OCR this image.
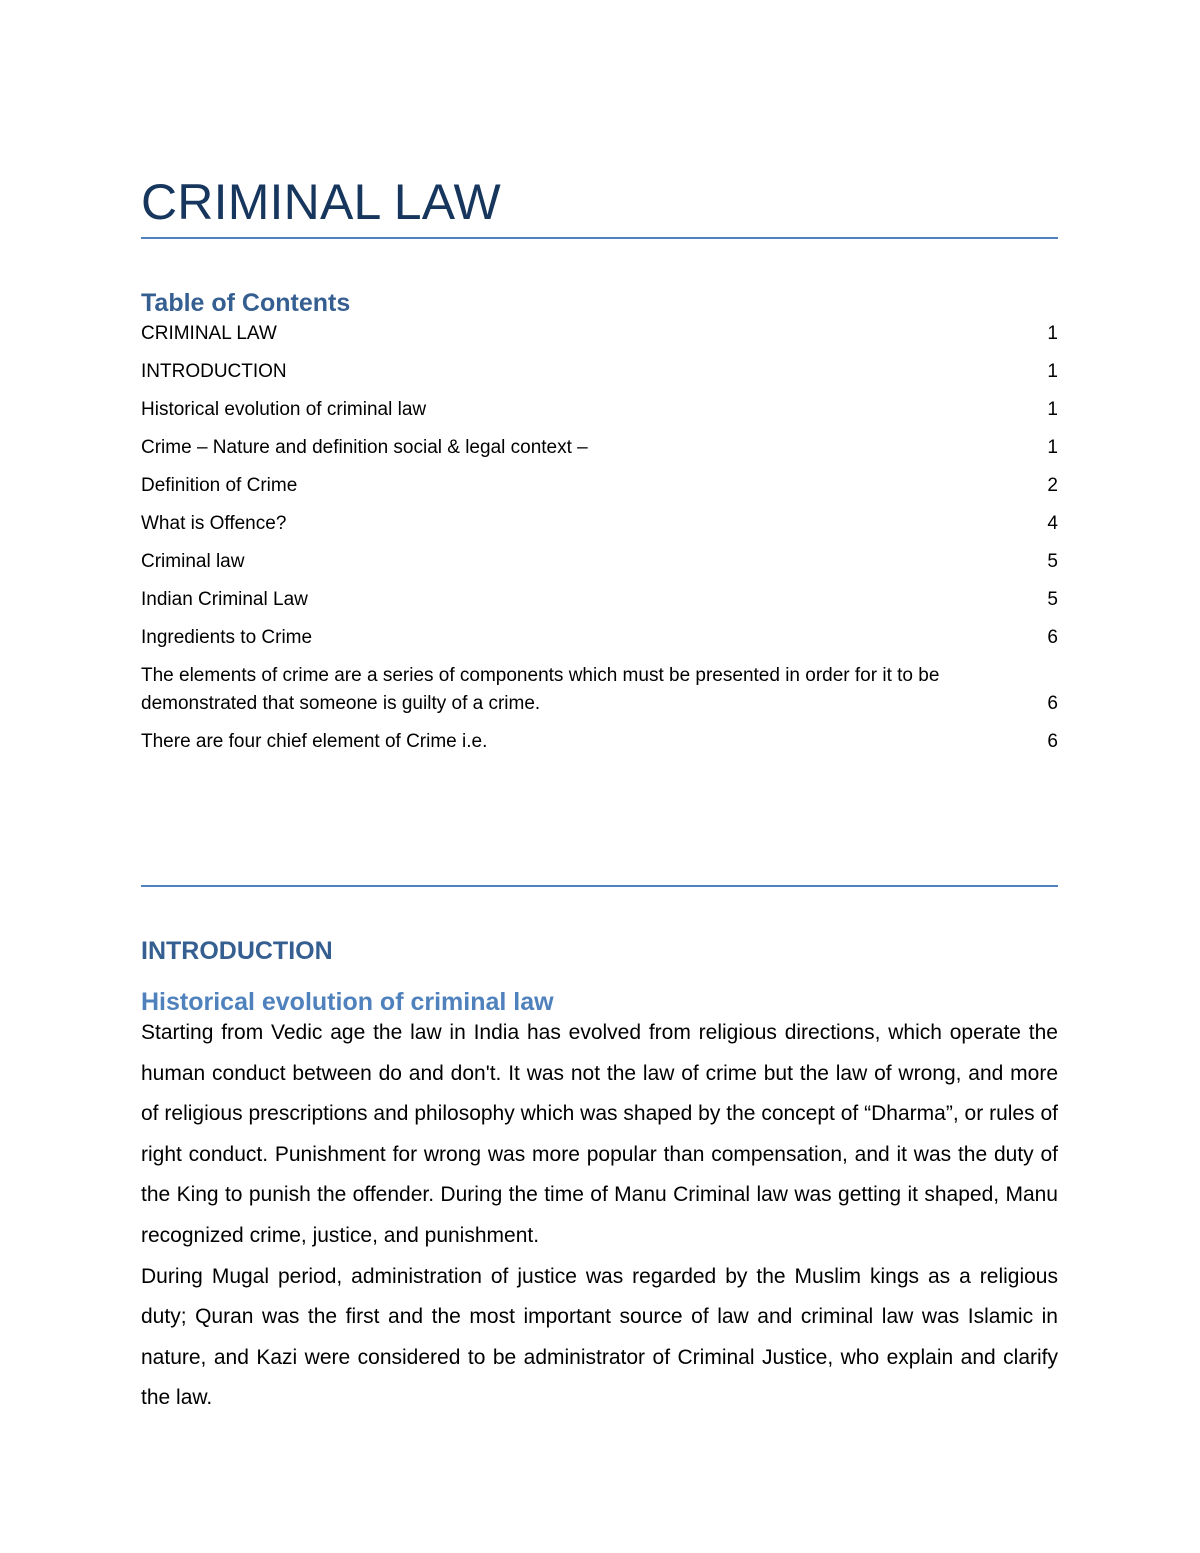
CRIMINAL LAW
Table of Contents
CRIMINAL LAW	1
INTRODUCTION	1
Historical evolution of criminal law	1
Crime – Nature and definition social & legal context –	1
Definition of Crime	2
What is Offence?	4
Criminal law	5
Indian Criminal Law	5
Ingredients to Crime	6
The elements of crime are a series of components which must be presented in order for it to be demonstrated that someone is guilty of a crime.	6
There are four chief element of Crime i.e.	6
INTRODUCTION
Historical evolution of criminal law

Starting from Vedic age the law in India has evolved from religious directions, which operate the human conduct between do and don't. It was not the law of crime but the law of wrong, and more of religious prescriptions and philosophy which was shaped by the concept of “Dharma”, or rules of right conduct. Punishment for wrong was more popular than compensation, and it was the duty of the King to punish the offender. During the time of Manu Criminal law was getting it shaped, Manu recognized crime, justice, and punishment.

During Mugal period, administration of justice was regarded by the Muslim kings as a religious duty; Quran was the first and the most important source of law and criminal law was Islamic in nature, and Kazi were considered to be administrator of Criminal Justice, who explain and clarify the law.
